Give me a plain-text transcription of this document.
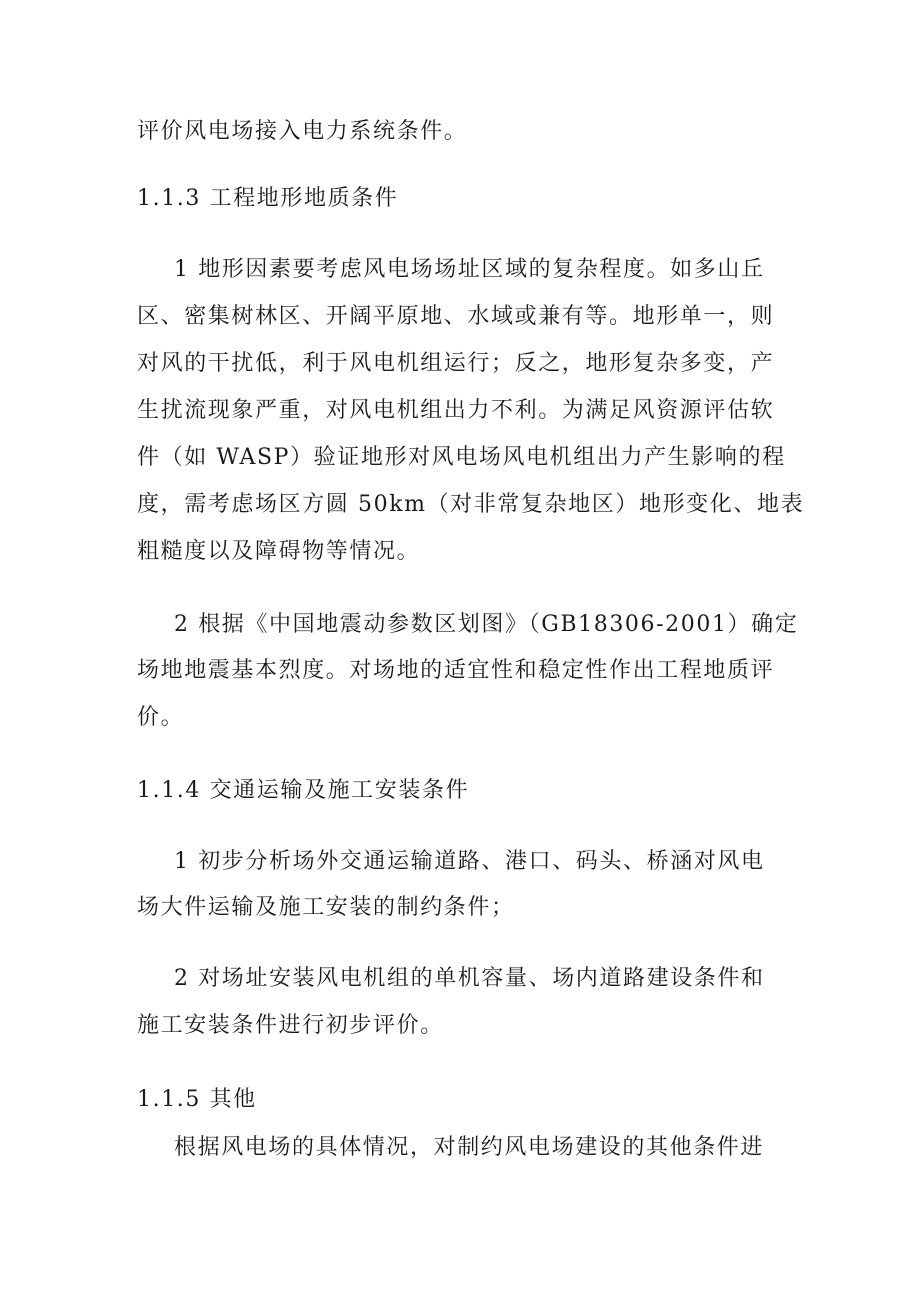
评价风电场接入电力系统条件。
1.1.3 工程地形地质条件
1 地形因素要考虑风电场场址区域的复杂程度。如多山丘
区、密集树林区、开阔平原地、水域或兼有等。地形单一，则
对风的干扰低，利于风电机组运行；反之，地形复杂多变，产
生扰流现象严重，对风电机组出力不利。为满足风资源评估软
件（如 WASP）验证地形对风电场风电机组出力产生影响的程
度，需考虑场区方圆 50km（对非常复杂地区）地形变化、地表
粗糙度以及障碍物等情况。
2 根据《中国地震动参数区划图》（GB18306-2001）确定
场地地震基本烈度。对场地的适宜性和稳定性作出工程地质评
价。
1.1.4 交通运输及施工安装条件
1 初步分析场外交通运输道路、港口、码头、桥涵对风电
场大件运输及施工安装的制约条件；
2 对场址安装风电机组的单机容量、场内道路建设条件和
施工安装条件进行初步评价。
1.1.5 其他
根据风电场的具体情况，对制约风电场建设的其他条件进
